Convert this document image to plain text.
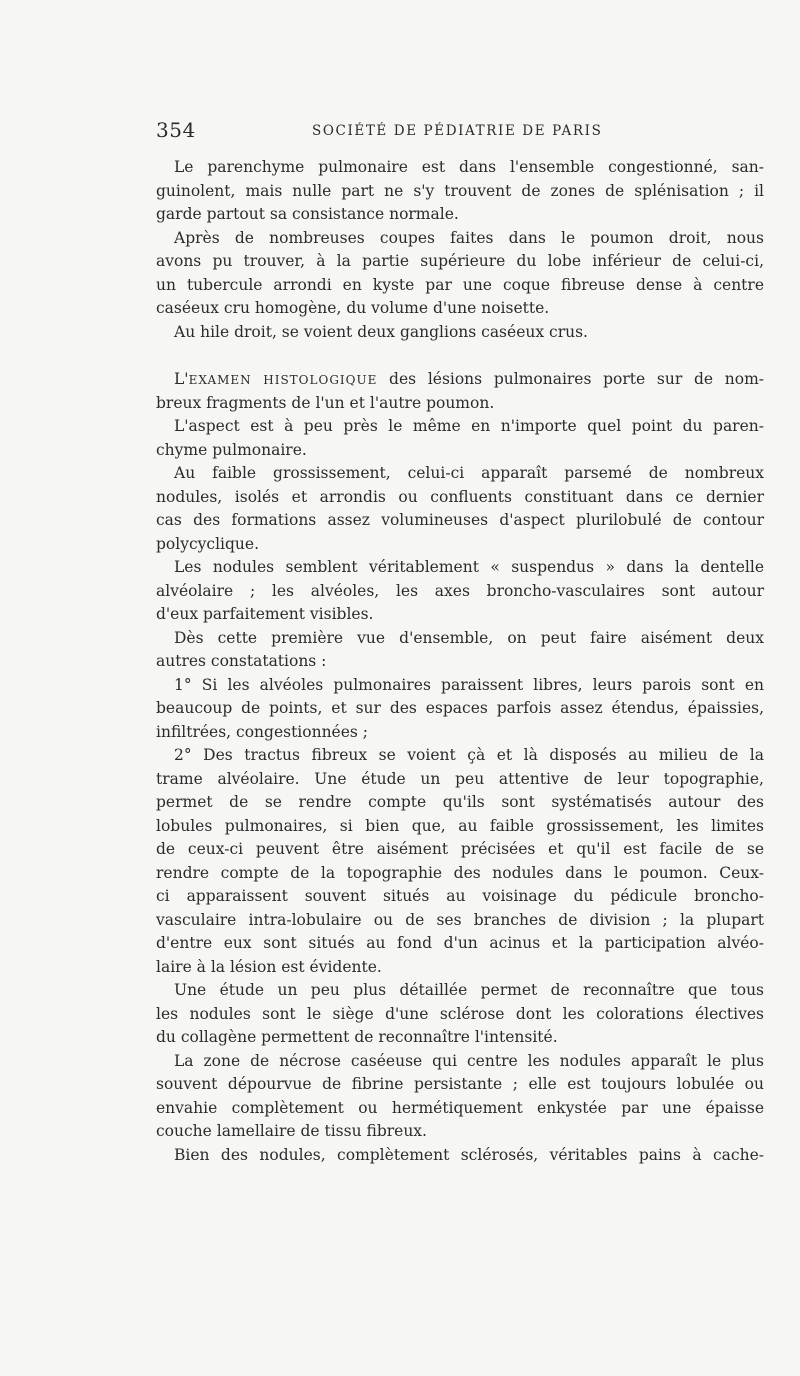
354	SOCIÉTÉ DE PÉDIATRIE DE PARIS
Le parenchyme pulmonaire est dans l'ensemble congestionné, san-
guinolent, mais nulle part ne s'y trouvent de zones de splénisation ; il
garde partout sa consistance normale.
Après de nombreuses coupes faites dans le poumon droit, nous
avons pu trouver, à la partie supérieure du lobe inférieur de celui-ci,
un tubercule arrondi en kyste par une coque fibreuse dense à centre
caséeux cru homogène, du volume d'une noisette.
Au hile droit, se voient deux ganglions caséeux crus.
L'EXAMEN HISTOLOGIQUE des lésions pulmonaires porte sur de nom-
breux fragments de l'un et l'autre poumon.
L'aspect est à peu près le même en n'importe quel point du paren-
chyme pulmonaire.
Au faible grossissement, celui-ci apparaît parsemé de nombreux
nodules, isolés et arrondis ou confluents constituant dans ce dernier
cas des formations assez volumineuses d'aspect plurilobulé de contour
polycyclique.
Les nodules semblent véritablement « suspendus » dans la dentelle
alvéolaire ; les alvéoles, les axes broncho-vasculaires sont autour
d'eux parfaitement visibles.
Dès cette première vue d'ensemble, on peut faire aisément deux
autres constatations :
1° Si les alvéoles pulmonaires paraissent libres, leurs parois sont en
beaucoup de points, et sur des espaces parfois assez étendus, épaissies,
infiltrées, congestionnées ;
2° Des tractus fibreux se voient çà et là disposés au milieu de la
trame alvéolaire. Une étude un peu attentive de leur topographie,
permet de se rendre compte qu'ils sont systématisés autour des
lobules pulmonaires, si bien que, au faible grossissement, les limites
de ceux-ci peuvent être aisément précisées et qu'il est facile de se
rendre compte de la topographie des nodules dans le poumon. Ceux-
ci apparaissent souvent situés au voisinage du pédicule broncho-
vasculaire intra-lobulaire ou de ses branches de division ; la plupart
d'entre eux sont situés au fond d'un acinus et la participation alvéo-
laire à la lésion est évidente.
Une étude un peu plus détaillée permet de reconnaître que tous
les nodules sont le siège d'une sclérose dont les colorations électives
du collagène permettent de reconnaître l'intensité.
La zone de nécrose caséeuse qui centre les nodules apparaît le plus
souvent dépourvue de fibrine persistante ; elle est toujours lobulée ou
envahie complètement ou hermétiquement enkystée par une épaisse
couche lamellaire de tissu fibreux.
Bien des nodules, complètement sclérosés, véritables pains à cache-
